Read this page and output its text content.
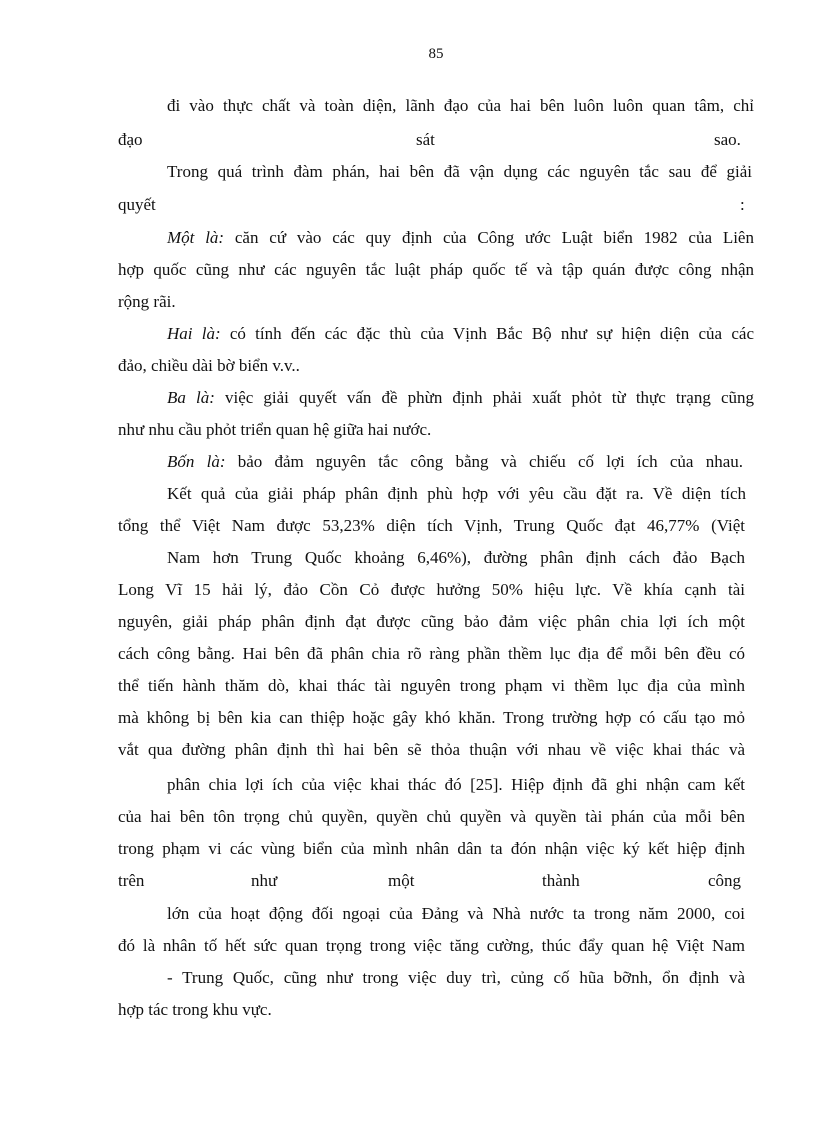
85
đi vào thực chất và toàn diện, lãnh đạo của hai bên luôn luôn quan tâm, chỉ
đạo	sát	sao.
Trong quá trình đàm phán, hai bên đã vận dụng các nguyên tắc sau để giải
quyết	:
Một là: căn cứ vào các quy định của Công ước Luật biển 1982 của Liên
hợp quốc cũng như các nguyên tắc luật pháp quốc tế và tập quán được công nhận
rộng rãi.
Hai là: có tính đến các đặc thù của Vịnh Bắc Bộ như sự hiện diện của các
đảo, chiều dài bờ biển v.v..
Ba là: việc giải quyết vấn đề phừn định phải xuất phỏt từ thực trạng cũng
như nhu cầu phỏt triển quan hệ giữa hai nước.
Bốn là: bảo đảm nguyên tắc công bằng và chiếu cố lợi ích của nhau.
Kết quả của giải pháp phân định phù hợp với yêu cầu đặt ra. Về diện tích
tổng thể Việt Nam được 53,23% diện tích Vịnh, Trung Quốc đạt 46,77% (Việt
Nam hơn Trung Quốc khoảng 6,46%), đường phân định cách đảo Bạch
Long Vĩ 15 hải lý, đảo Cồn Cỏ được hưởng 50% hiệu lực. Về khía cạnh tài
nguyên, giải pháp phân định đạt được cũng bảo đảm việc phân chia lợi ích một
cách công bằng. Hai bên đã phân chia rõ ràng phần thềm lục địa để mỗi bên đều có
thể tiến hành thăm dò, khai thác tài nguyên trong phạm vi thềm lục địa của mình
mà không bị bên kia can thiệp hoặc gây khó khăn. Trong trường hợp có cấu tạo mỏ
vắt qua đường phân định thì hai bên sẽ thỏa thuận với nhau về việc khai thác và
phân chia lợi ích của việc khai thác đó [25]. Hiệp định đã ghi nhận cam kết
của hai bên tôn trọng chủ quyền, quyền chủ quyền và quyền tài phán của mỗi bên
trong phạm vi các vùng biển của mình nhân dân ta đón nhận việc ký kết hiệp định
trên	như	một	thành	công
lớn của hoạt động đối ngoại của Đảng và Nhà nước ta trong năm 2000, coi
đó là nhân tố hết sức quan trọng trong việc tăng cường, thúc đẩy quan hệ Việt Nam
- Trung Quốc, cũng như trong việc duy trì, củng cố hũa bỡnh, ổn định và
hợp tác trong khu vực.
